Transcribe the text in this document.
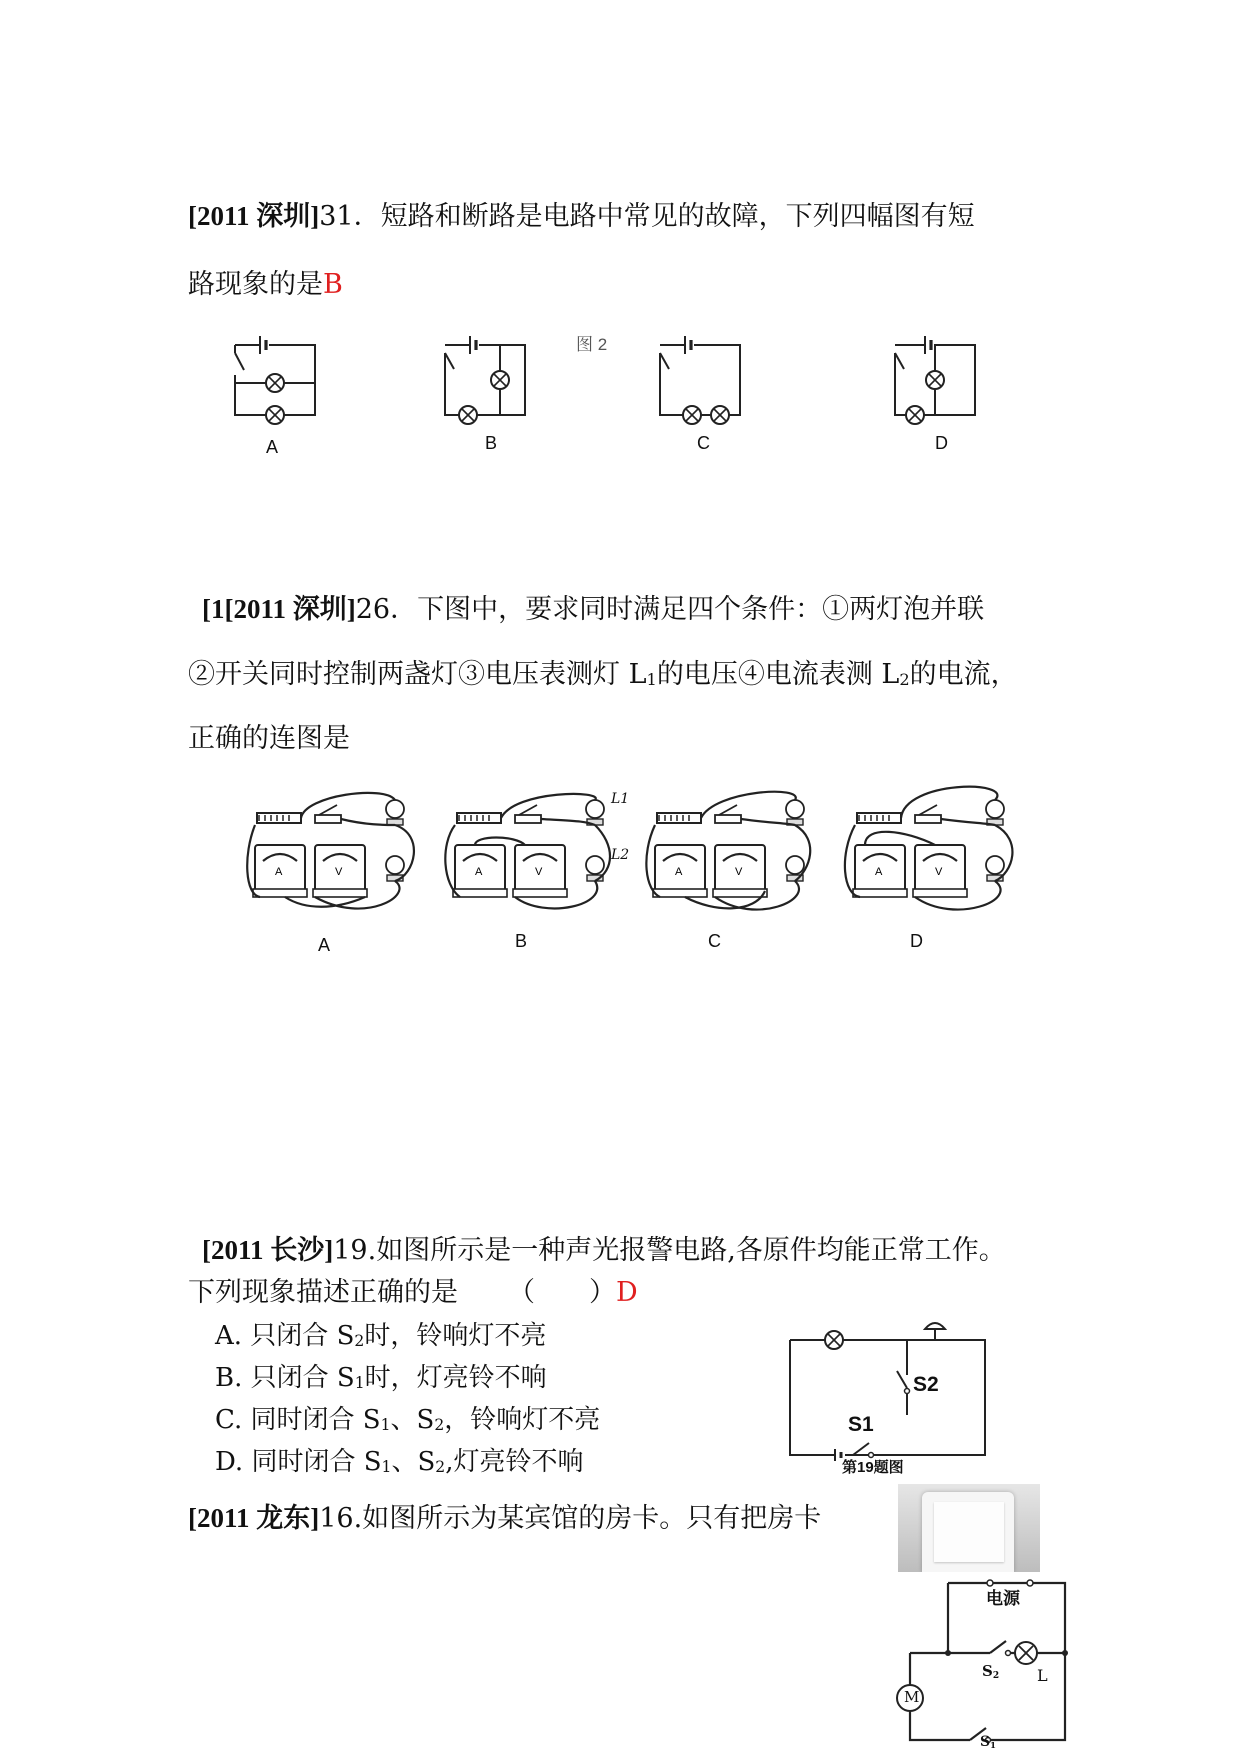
[2011 深圳]31．短路和断路是电路中常见的故障，下列四幅图有短
路现象的是B
图 2
A	B	C	D
[1[2011 深圳]26．下图中，要求同时满足四个条件：①两灯泡并联
②开关同时控制两盏灯③电压表测灯 $L_1$的电压④电流表测 $L_2$的电流，
正确的连图是
L1
L2
A	B	C	D
[2011 长沙]19.如图所示是一种声光报警电路,各原件均能正常工作。
下列现象描述正确的是 （　　）D
A. 只闭合 $S_2$时，铃响灯不亮
B. 只闭合 $S_1$时，灯亮铃不响
C. 同时闭合 $S_1$、$S_2$，铃响灯不亮
D. 同时闭合 $S_1$、$S_2$,灯亮铃不响
S2
S1
第19题图
[2011 龙东]16.如图所示为某宾馆的房卡。只有把房卡
电源
$S_2$ L
M
$S_1$
